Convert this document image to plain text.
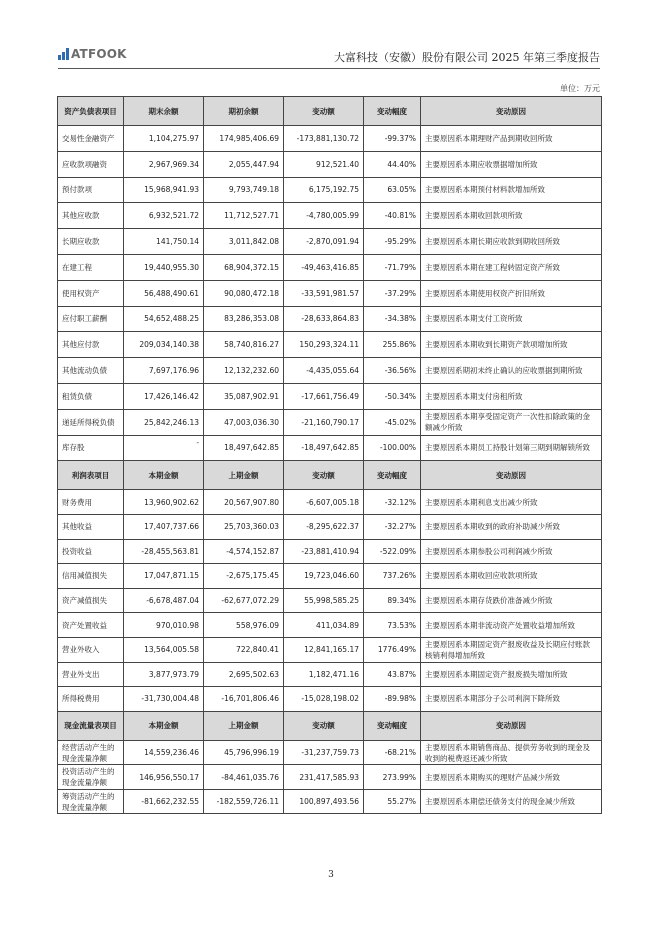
ATFOOK	大富科技（安徽）股份有限公司 2025 年第三季度报告
单位：万元
资产负债表项目	期末余额	期初余额	变动额	变动幅度	变动原因
交易性金融资产	1,104,275.97	174,985,406.69	-173,881,130.72	-99.37%	主要原因系本期理财产品到期收回所致
应收款项融资	2,967,969.34	2,055,447.94	912,521.40	44.40%	主要原因系本期应收票据增加所致
预付款项	15,968,941.93	9,793,749.18	6,175,192.75	63.05%	主要原因系本期预付材料款增加所致
其他应收款	6,932,521.72	11,712,527.71	-4,780,005.99	-40.81%	主要原因系本期收回款项所致
长期应收款	141,750.14	3,011,842.08	-2,870,091.94	-95.29%	主要原因系本期长期应收款到期收回所致
在建工程	19,440,955.30	68,904,372.15	-49,463,416.85	-71.79%	主要原因系本期在建工程转固定资产所致
使用权资产	56,488,490.61	90,080,472.18	-33,591,981.57	-37.29%	主要原因系本期使用权资产折旧所致
应付职工薪酬	54,652,488.25	83,286,353.08	-28,633,864.83	-34.38%	主要原因系本期支付工资所致
其他应付款	209,034,140.38	58,740,816.27	150,293,324.11	255.86%	主要原因系本期收到长期资产款项增加所致
其他流动负债	7,697,176.96	12,132,232.60	-4,435,055.64	-36.56%	主要原因系期初未终止确认的应收票据到期所致
租赁负债	17,426,146.42	35,087,902.91	-17,661,756.49	-50.34%	主要原因系本期支付房租所致
递延所得税负债	25,842,246.13	47,003,036.30	-21,160,790.17	-45.02%	主要原因系本期享受固定资产一次性扣除政策的金额减少所致
库存股	-	18,497,642.85	-18,497,642.85	-100.00%	主要原因系本期员工持股计划第三期到期解锁所致
利润表项目	本期金额	上期金额	变动额	变动幅度	变动原因
财务费用	13,960,902.62	20,567,907.80	-6,607,005.18	-32.12%	主要原因系本期利息支出减少所致
其他收益	17,407,737.66	25,703,360.03	-8,295,622.37	-32.27%	主要原因系本期收到的政府补助减少所致
投资收益	-28,455,563.81	-4,574,152.87	-23,881,410.94	-522.09%	主要原因系本期参股公司利润减少所致
信用减值损失	17,047,871.15	-2,675,175.45	19,723,046.60	737.26%	主要原因系本期收回应收款项所致
资产减值损失	-6,678,487.04	-62,677,072.29	55,998,585.25	89.34%	主要原因系本期存货跌价准备减少所致
资产处置收益	970,010.98	558,976.09	411,034.89	73.53%	主要原因系本期非流动资产处置收益增加所致
营业外收入	13,564,005.58	722,840.41	12,841,165.17	1776.49%	主要原因系本期固定资产报废收益及长期应付账款核销利得增加所致
营业外支出	3,877,973.79	2,695,502.63	1,182,471.16	43.87%	主要原因系本期固定资产报废损失增加所致
所得税费用	-31,730,004.48	-16,701,806.46	-15,028,198.02	-89.98%	主要原因系本期部分子公司利润下降所致
现金流量表项目	本期金额	上期金额	变动额	变动幅度	变动原因
经营活动产生的现金流量净额	14,559,236.46	45,796,996.19	-31,237,759.73	-68.21%	主要原因系本期销售商品、提供劳务收到的现金及收到的税费返还减少所致
投资活动产生的现金流量净额	146,956,550.17	-84,461,035.76	231,417,585.93	273.99%	主要原因系本期购买的理财产品减少所致
筹资活动产生的现金流量净额	-81,662,232.55	-182,559,726.11	100,897,493.56	55.27%	主要原因系本期偿还债务支付的现金减少所致
3
